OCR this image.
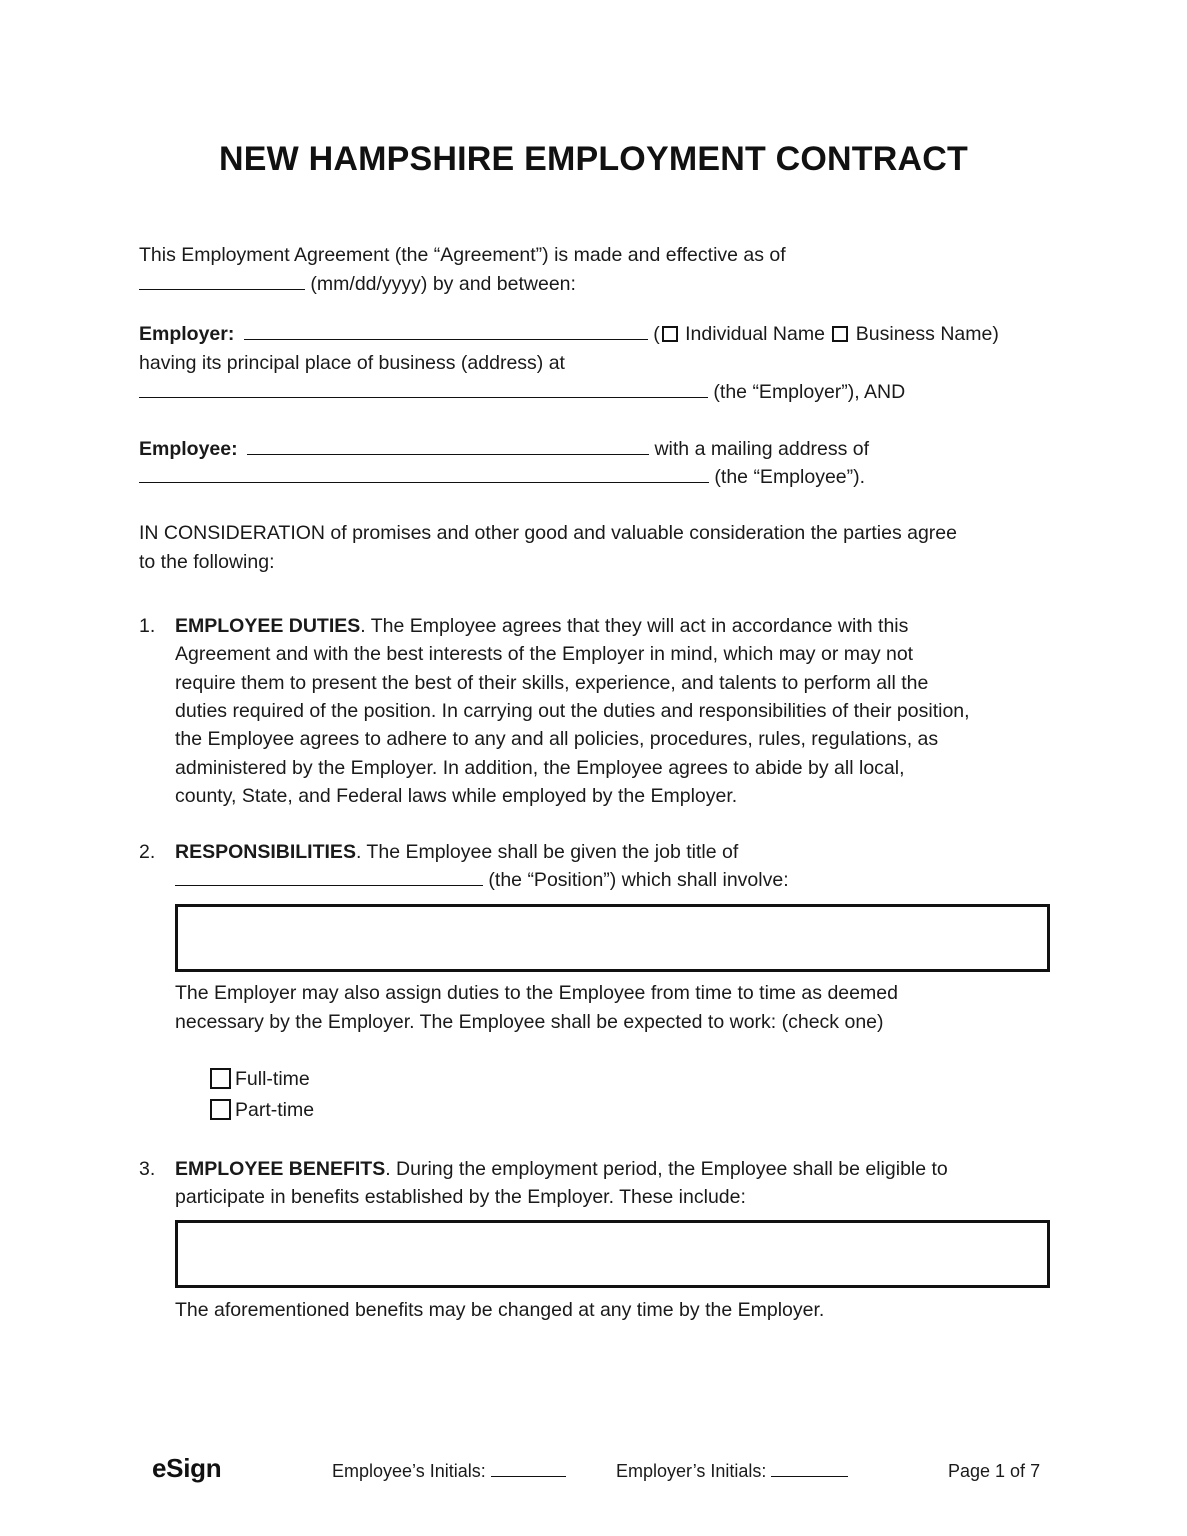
NEW HAMPSHIRE EMPLOYMENT CONTRACT
This Employment Agreement (the “Agreement”) is made and effective as of
(mm/dd/yyyy) by and between:
Employer:	( Individual Name Business Name)
having its principal place of business (address) at
(the “Employer”), AND
Employee:	with a mailing address of
(the “Employee”).
IN CONSIDERATION of promises and other good and valuable consideration the parties agree
to the following:
1. EMPLOYEE DUTIES. The Employee agrees that they will act in accordance with this
Agreement and with the best interests of the Employer in mind, which may or may not
require them to present the best of their skills, experience, and talents to perform all the
duties required of the position. In carrying out the duties and responsibilities of their position,
the Employee agrees to adhere to any and all policies, procedures, rules, regulations, as
administered by the Employer. In addition, the Employee agrees to abide by all local,
county, State, and Federal laws while employed by the Employer.
2. RESPONSIBILITIES. The Employee shall be given the job title of
(the “Position”) which shall involve:
The Employer may also assign duties to the Employee from time to time as deemed
necessary by the Employer. The Employee shall be expected to work: (check one)
Full-time
Part-time
3. EMPLOYEE BENEFITS. During the employment period, the Employee shall be eligible to
participate in benefits established by the Employer. These include:
The aforementioned benefits may be changed at any time by the Employer.
eSign	Employee’s Initials:	Employer’s Initials:	Page 1 of 7
